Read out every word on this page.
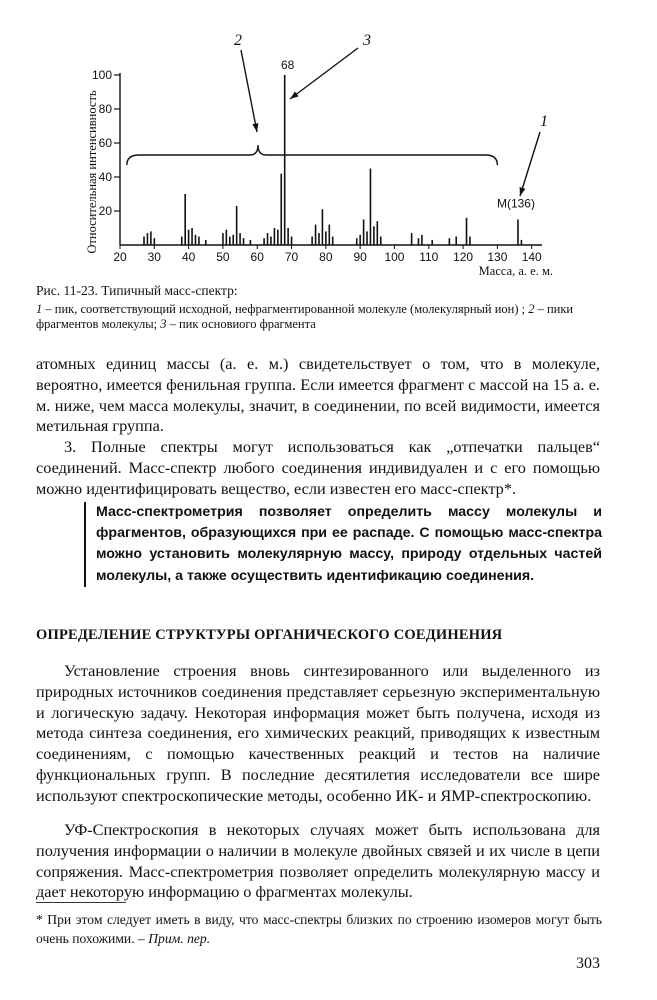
20
40
60
80
100
20 30 40 50 60 70 80 90 100 110 120 130 140
Относительная интенсивность
Масса, а. е. м.
68
M(136)
1
2	3
Рис. 11-23. Типичный масс-спектр:
1 – пик, соответствующий исходной, нефрагментированной молекуле (молекулярный ион) ; 2 – пики фрагментов молекулы; 3 – пик основиого фрагмента

атомных единиц массы (а. е. м.) свидетельствует о том, что в молекуле, вероятно, имеется фенильная группа. Если имеется фрагмент с массой на 15 а. е. м. ниже, чем масса молекулы, значит, в соединении, по всей видимости, имеется метильная группа.

3. Полные спектры могут использоваться как „отпечатки пальцев“ соединений. Масс-спектр любого соединения индивидуален и с его помощью можно идентифицировать вещество, если известен его масс-спектр*.

Масс-спектрометрия позволяет определить массу молекулы и фрагментов, образующихся при ее распаде. С помощью масс-спектра можно установить молекулярную массу, природу отдельных частей молекулы, а также осуществить идентификацию соединения.
ОПРЕДЕЛЕНИЕ СТРУКТУРЫ ОРГАНИЧЕСКОГО СОЕДИНЕНИЯ

Установление строения вновь синтезированного или выделенного из природных источников соединения представляет серьезную экспериментальную и логическую задачу. Некоторая информация может быть получена, исходя из метода синтеза соединения, его химических реакций, приводящих к известным соединениям, с помощью качественных реакций и тестов на наличие функциональных групп. В последние десятилетия исследователи все шире используют спектроскопические методы, особенно ИК- и ЯМР-спектроскопию.

УФ-Спектроскопия в некоторых случаях может быть использована для получения информации о наличии в молекуле двойных связей и их числе в цепи сопряжения. Масс-спектрометрия позволяет определить молекулярную массу и дает некоторую информацию о фрагментах молекулы.

* При этом следует иметь в виду, что масс-спектры близких по строению изомеров могут быть очень похожими. – Прим. пер.
303
